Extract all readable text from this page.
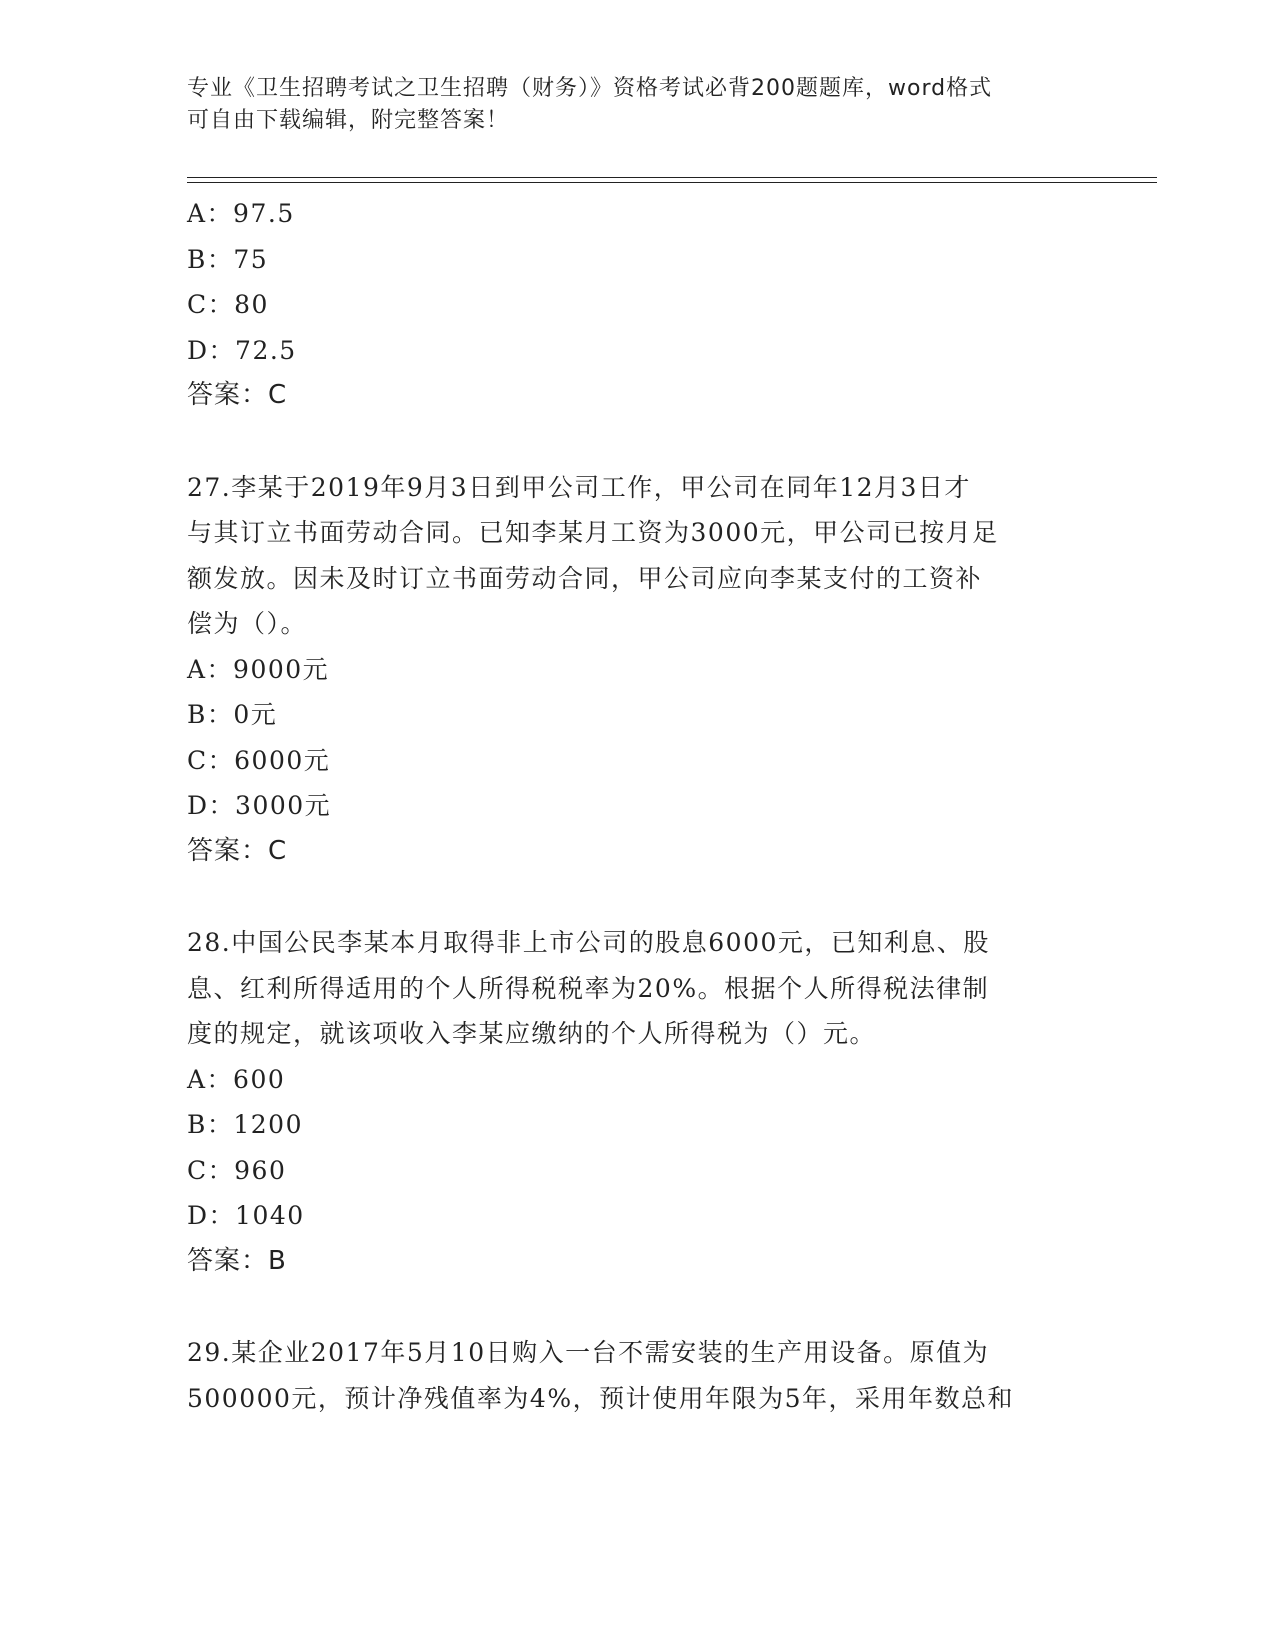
专业《卫生招聘考试之卫生招聘（财务）》资格考试必背200题题库，word格式
可自由下载编辑，附完整答案！
A：97.5
B：75
C：80
D：72.5
答案：C
27.李某于2019年9月3日到甲公司工作，甲公司在同年12月3日才
与其订立书面劳动合同。已知李某月工资为3000元，甲公司已按月足
额发放。因未及时订立书面劳动合同，甲公司应向李某支付的工资补
偿为（）。
A：9000元
B：0元
C：6000元
D：3000元
答案：C
28.中国公民李某本月取得非上市公司的股息6000元，已知利息、股
息、红利所得适用的个人所得税税率为20%。根据个人所得税法律制
度的规定，就该项收入李某应缴纳的个人所得税为（）元。
A：600
B：1200
C：960
D：1040
答案：B
29.某企业2017年5月10日购入一台不需安装的生产用设备。原值为
500000元，预计净残值率为4%，预计使用年限为5年，采用年数总和
